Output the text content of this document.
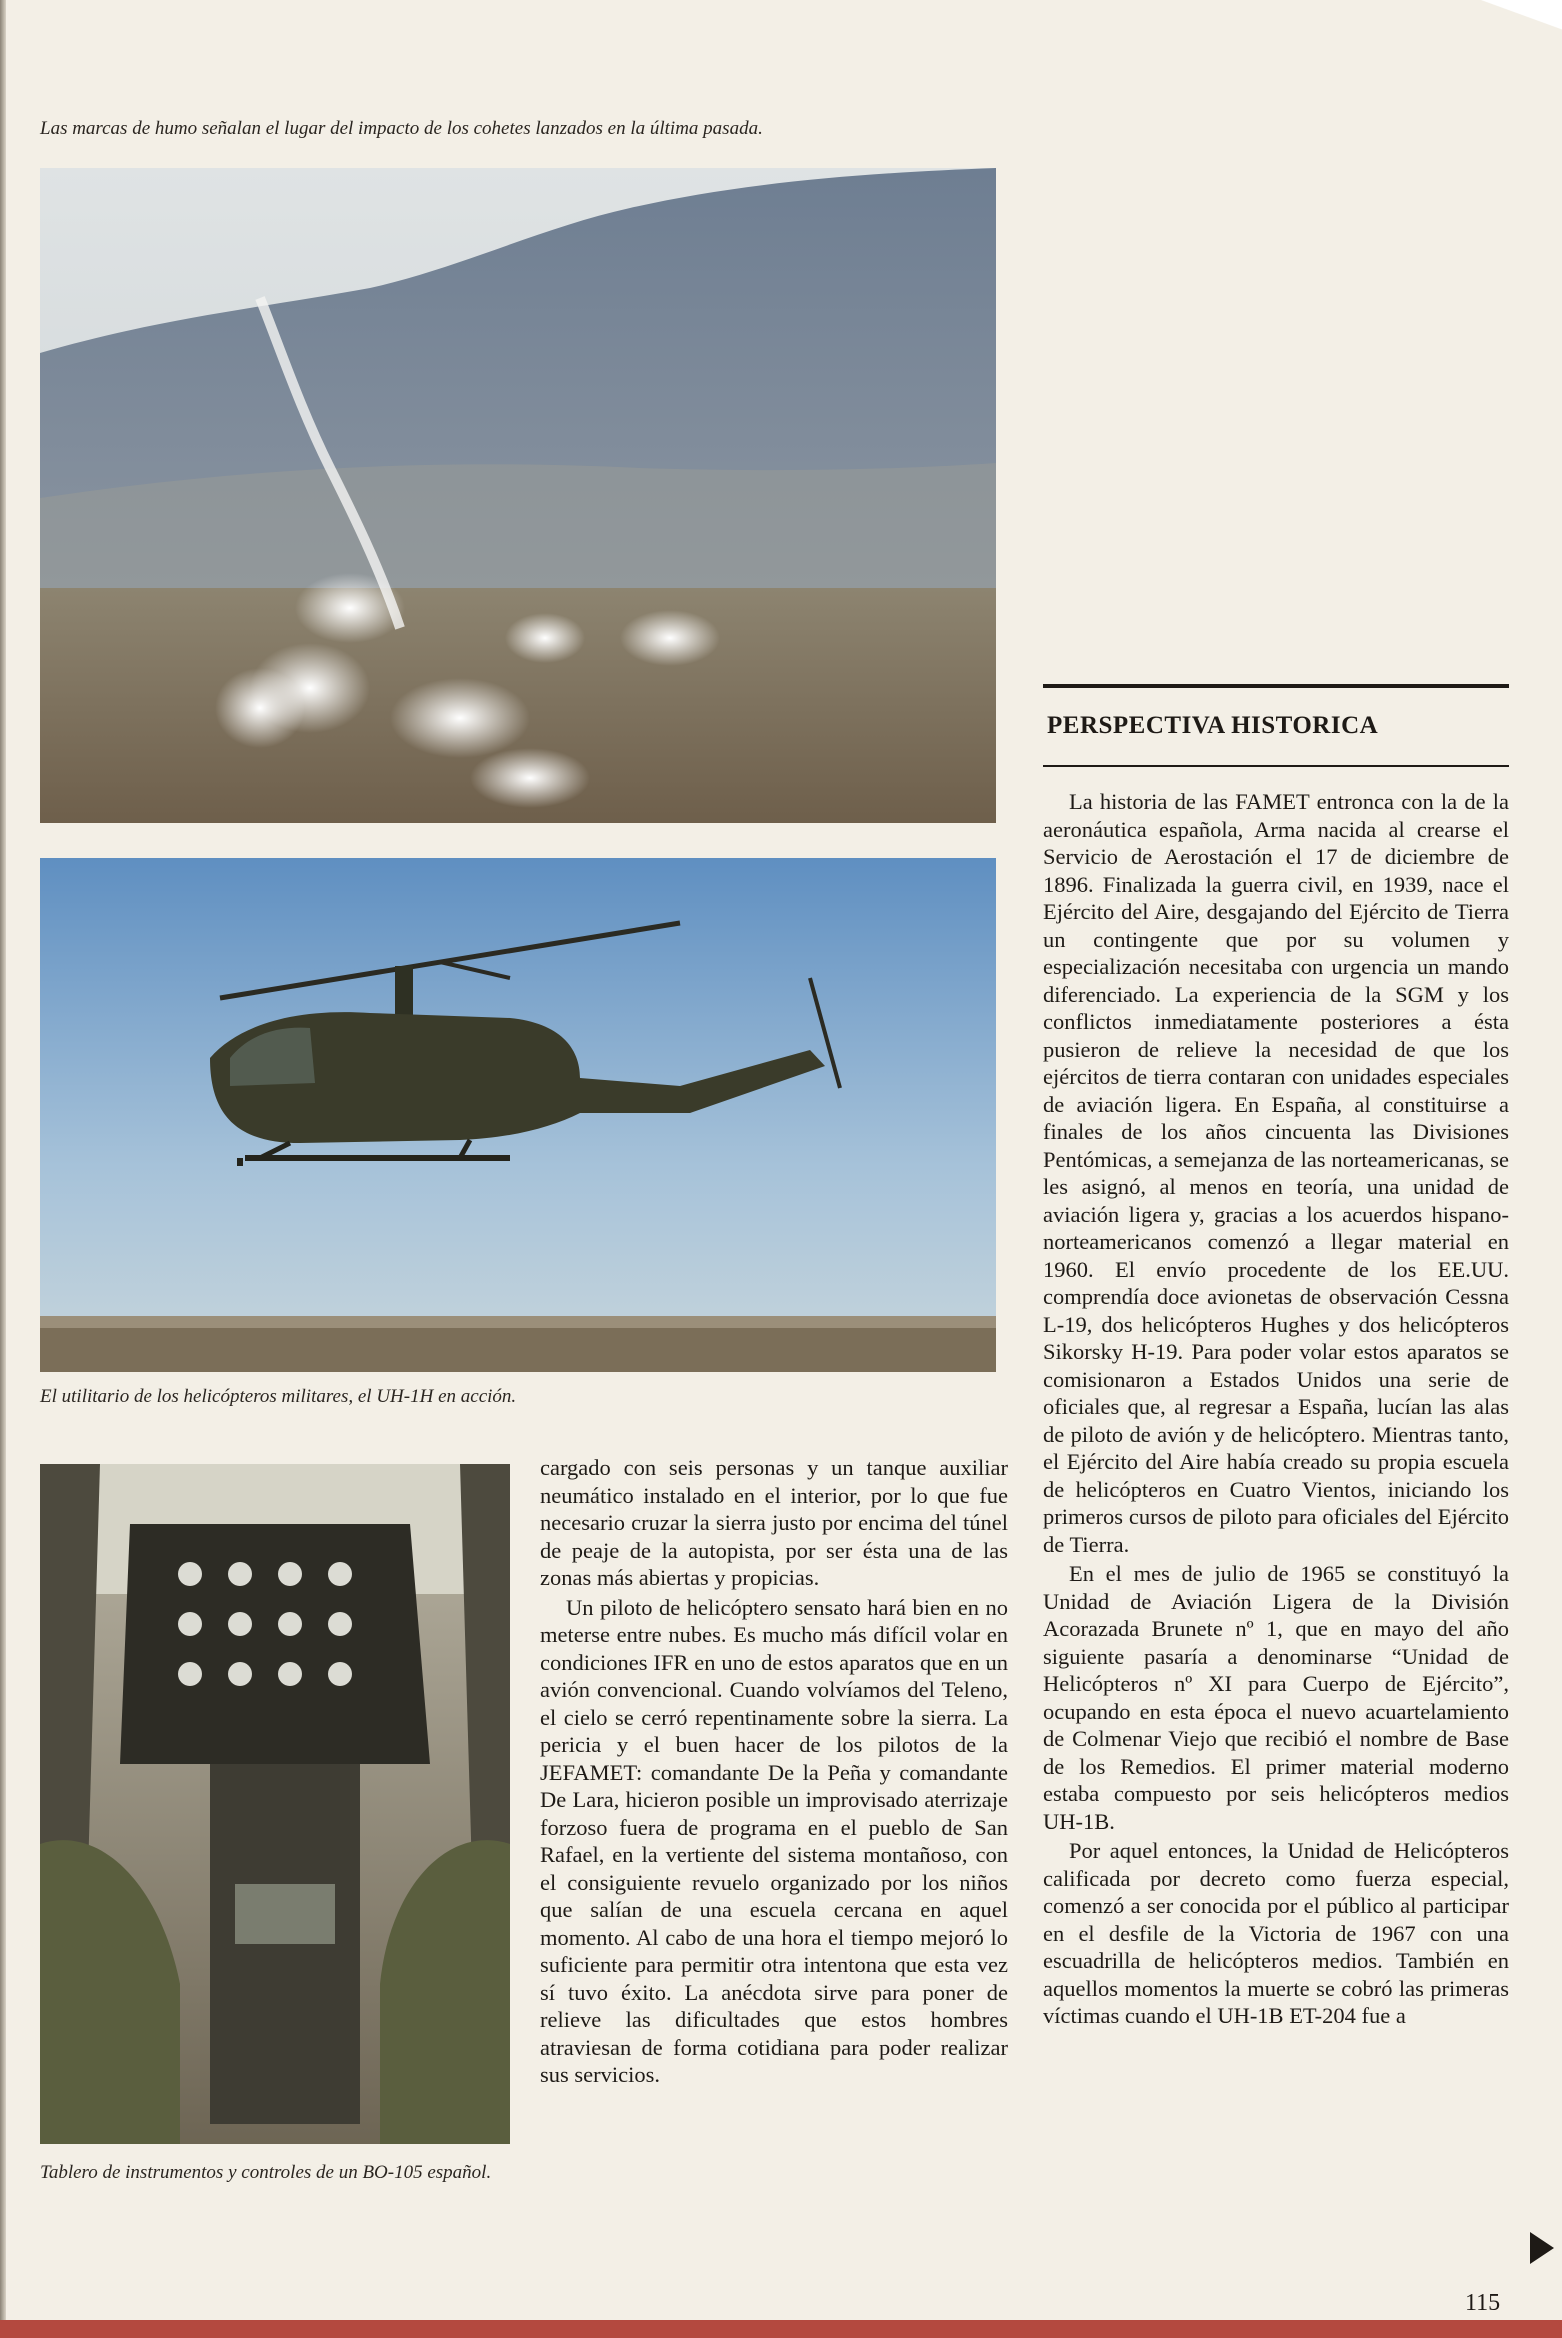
Las marcas de humo señalan el lugar del impacto de los cohetes lanzados en la última pasada.
El utilitario de los helicópteros militares, el UH-1H en acción.
Tablero de instrumentos y controles de un BO-105 español.

cargado con seis personas y un tanque auxiliar neumático instalado en el interior, por lo que fue necesario cruzar la sierra justo por encima del túnel de peaje de la autopista, por ser ésta una de las zonas más abiertas y propicias.

Un piloto de helicóptero sensato hará bien en no meterse entre nubes. Es mucho más difícil volar en condiciones IFR en uno de estos aparatos que en un avión convencional. Cuando volvíamos del Teleno, el cielo se cerró repentinamente sobre la sierra. La pericia y el buen hacer de los pilotos de la JEFAMET: comandante De la Peña y comandante De Lara, hicieron posible un improvisado aterrizaje forzoso fuera de programa en el pueblo de San Rafael, en la vertiente del sistema montañoso, con el consiguiente revuelo organizado por los niños que salían de una escuela cercana en aquel momento. Al cabo de una hora el tiempo mejoró lo suficiente para permitir otra intentona que esta vez sí tuvo éxito. La anécdota sirve para poner de relieve las dificultades que estos hombres atraviesan de forma cotidiana para poder realizar sus servicios.

PERSPECTIVA HISTORICA

La historia de las FAMET entronca con la de la aeronáutica española, Arma nacida al crearse el Servicio de Aerostación el 17 de diciembre de 1896. Finalizada la guerra civil, en 1939, nace el Ejército del Aire, desgajando del Ejército de Tierra un contingente que por su volumen y especialización necesitaba con urgencia un mando diferenciado. La experiencia de la SGM y los conflictos inmediatamente posteriores a ésta pusieron de relieve la necesidad de que los ejércitos de tierra contaran con unidades especiales de aviación ligera. En España, al constituirse a finales de los años cincuenta las Divisiones Pentómicas, a semejanza de las norteamericanas, se les asignó, al menos en teoría, una unidad de aviación ligera y, gracias a los acuerdos hispano-norteamericanos comenzó a llegar material en 1960. El envío procedente de los EE.UU. comprendía doce avionetas de observación Cessna L-19, dos helicópteros Hughes y dos helicópteros Sikorsky H-19. Para poder volar estos aparatos se comisionaron a Estados Unidos una serie de oficiales que, al regresar a España, lucían las alas de piloto de avión y de helicóptero. Mientras tanto, el Ejército del Aire había creado su propia escuela de helicópteros en Cuatro Vientos, iniciando los primeros cursos de piloto para oficiales del Ejército de Tierra.

En el mes de julio de 1965 se constituyó la Unidad de Aviación Ligera de la División Acorazada Brunete nº 1, que en mayo del año siguiente pasaría a denominarse “Unidad de Helicópteros nº XI para Cuerpo de Ejército”, ocupando en esta época el nuevo acuartelamiento de Colmenar Viejo que recibió el nombre de Base de los Remedios. El primer material moderno estaba compuesto por seis helicópteros medios UH-1B.

Por aquel entonces, la Unidad de Helicópteros calificada por decreto como fuerza especial, comenzó a ser conocida por el público al participar en el desfile de la Victoria de 1967 con una escuadrilla de helicópteros medios. También en aquellos momentos la muerte se cobró las primeras víctimas cuando el UH-1B ET-204 fue a

115
